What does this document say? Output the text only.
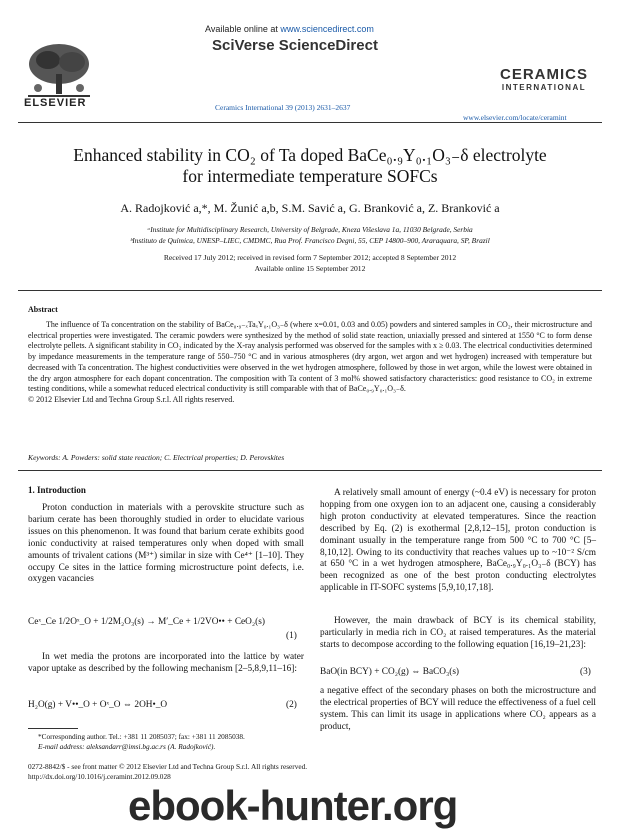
Available online at www.sciencedirect.com
SciVerse ScienceDirect
Ceramics International 39 (2013) 2631–2637
ELSEVIER
CERAMICS
INTERNATIONAL
www.elsevier.com/locate/ceramint
Enhanced stability in CO₂ of Ta doped BaCe₀.₉Y₀.₁O₃₋δ electrolyte
for intermediate temperature SOFCs
A. Radojković a,*, M. Žunić a,b, S.M. Savić a, G. Branković a, Z. Branković a
ᵃInstitute for Multidisciplinary Research, University of Belgrade, Kneza Višeslava 1a, 11030 Belgrade, Serbia
ᵇInstituto de Química, UNESP–LIEC, CMDMC, Rua Prof. Francisco Degni, 55, CEP 14800–900, Araraquara, SP, Brazil
Received 17 July 2012; received in revised form 7 September 2012; accepted 8 September 2012
Available online 15 September 2012
Abstract
The influence of Ta concentration on the stability of BaCe₀.₉₋ₓTaₓY₀.₁O₃₋δ (where x=0.01, 0.03 and 0.05) powders and sintered samples in CO₂, their microstructure and electrical properties were investigated. The ceramic powders were synthesized by the method of solid state reaction, uniaxially pressed and sintered at 1550 °C to form dense electrolyte pellets. A significant stability in CO₂ indicated by the X-ray analysis performed was observed for the samples with x ≥ 0.03. The electrical conductivities determined by impedance measurements in the temperature range of 550–750 °C and in various atmospheres (dry argon, wet argon and wet hydrogen) increased with temperature but decreased with Ta concentration. The highest conductivities were observed in the wet hydrogen atmosphere, followed by those in wet argon, while the lowest were obtained in the dry argon atmosphere for each dopant concentration. The composition with Ta content of 3 mol% showed satisfactory characteristics: good resistance to CO₂ in extreme testing conditions, while a somewhat reduced electrical conductivity is still comparable with that of BaCe₀.₉Y₀.₁O₃₋δ.
© 2012 Elsevier Ltd and Techna Group S.r.l. All rights reserved.
Keywords: A. Powders: solid state reaction; C. Electrical properties; D. Perovskites
1. Introduction
Proton conduction in materials with a perovskite structure such as barium cerate has been thoroughly studied in order to elucidate various issues on this phenomenon. It was found that barium cerate exhibits good ionic conductivity at raised temperatures only when doped with small amounts of trivalent cations (M³⁺) similar in size with Ce⁴⁺ [1–10]. They occupy Ce sites in the lattice forming microstructure point defects, i.e. oxygen vacancies
Ceˣ_Ce 1/2Oˣ_O + 1/2M₂O₃(s) → M′_Ce + 1/2VO•• + CeO₂(s)
(1)
In wet media the protons are incorporated into the lattice by water vapor uptake as described by the following mechanism [2–5,8,9,11–16]:
H₂O(g) + V••_O + Oˣ_O ⇔ 2OH•_O	(2)
*Corresponding author. Tel.: +381 11 2085037; fax: +381 11 2085038.
E-mail address: aleksandarr@imsi.bg.ac.rs (A. Radojković).
A relatively small amount of energy (~0.4 eV) is necessary for proton hopping from one oxygen ion to an adjacent one, causing a considerably high proton conductivity at elevated temperatures. Since the reaction described by Eq. (2) is exothermal [2,8,12–15], proton conduction is dominant usually in the temperature range from 500 °C to 700 °C [5–8,10,12]. Owing to its conductivity that reaches values up to ~10⁻² S/cm at 650 °C in a wet hydrogen atmosphere, BaCe₀.₉Y₀.₁O₃₋δ (BCY) has been recognized as one of the best proton conducting electrolytes applicable in IT-SOFC systems [5,9,10,17,18].
However, the main drawback of BCY is its chemical stability, particularly in media rich in CO₂ at raised temperatures. As the material starts to decompose according to the following equation [16,19–21,23]:
BaO(in BCY) + CO₂(g) ⇔ BaCO₃(s)	(3)
a negative effect of the secondary phases on both the microstructure and the electrical properties of BCY will reduce the effectiveness of a fuel cell system. This can limit its usage in applications where CO₂ appears as a product,
0272-8842/$ - see front matter © 2012 Elsevier Ltd and Techna Group S.r.l. All rights reserved.
http://dx.doi.org/10.1016/j.ceramint.2012.09.028
ebook-hunter.org
